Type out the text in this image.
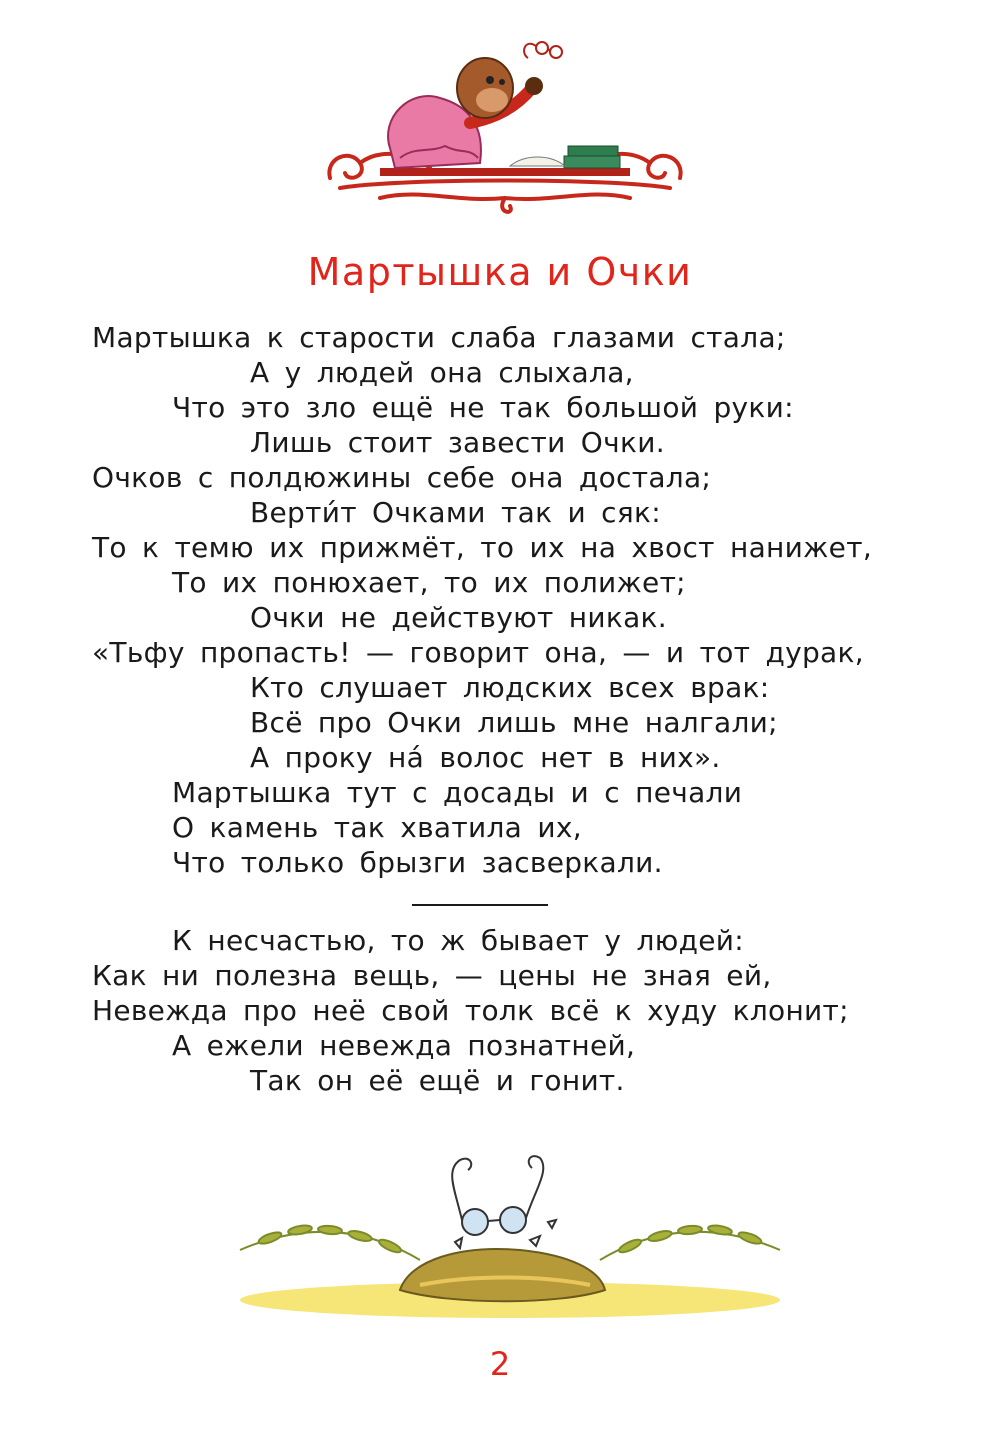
Мартышка и Очки
Мартышка к старости слаба глазами стала;
А у людей она слыхала,
Что это зло ещё не так большой руки:
Лишь стоит завести Очки.
Очков с полдюжины себе она достала;
Верти́т Очками так и сяк:
То к темю их прижмёт, то их на хвост нанижет,
То их понюхает, то их полижет;
Очки не действуют никак.
«Тьфу пропасть! — говорит она, — и тот дурак,
Кто слушает людских всех врак:
Всё про Очки лишь мне налгали;
А проку на́ волос нет в них».
Мартышка тут с досады и с печали
О камень так хватила их,
Что только брызги засверкали.
К несчастью, то ж бывает у людей:
Как ни полезна вещь, — цены не зная ей,
Невежда про неё свой толк всё к худу клонит;
А ежели невежда познатней,
Так он её ещё и гонит.
2
